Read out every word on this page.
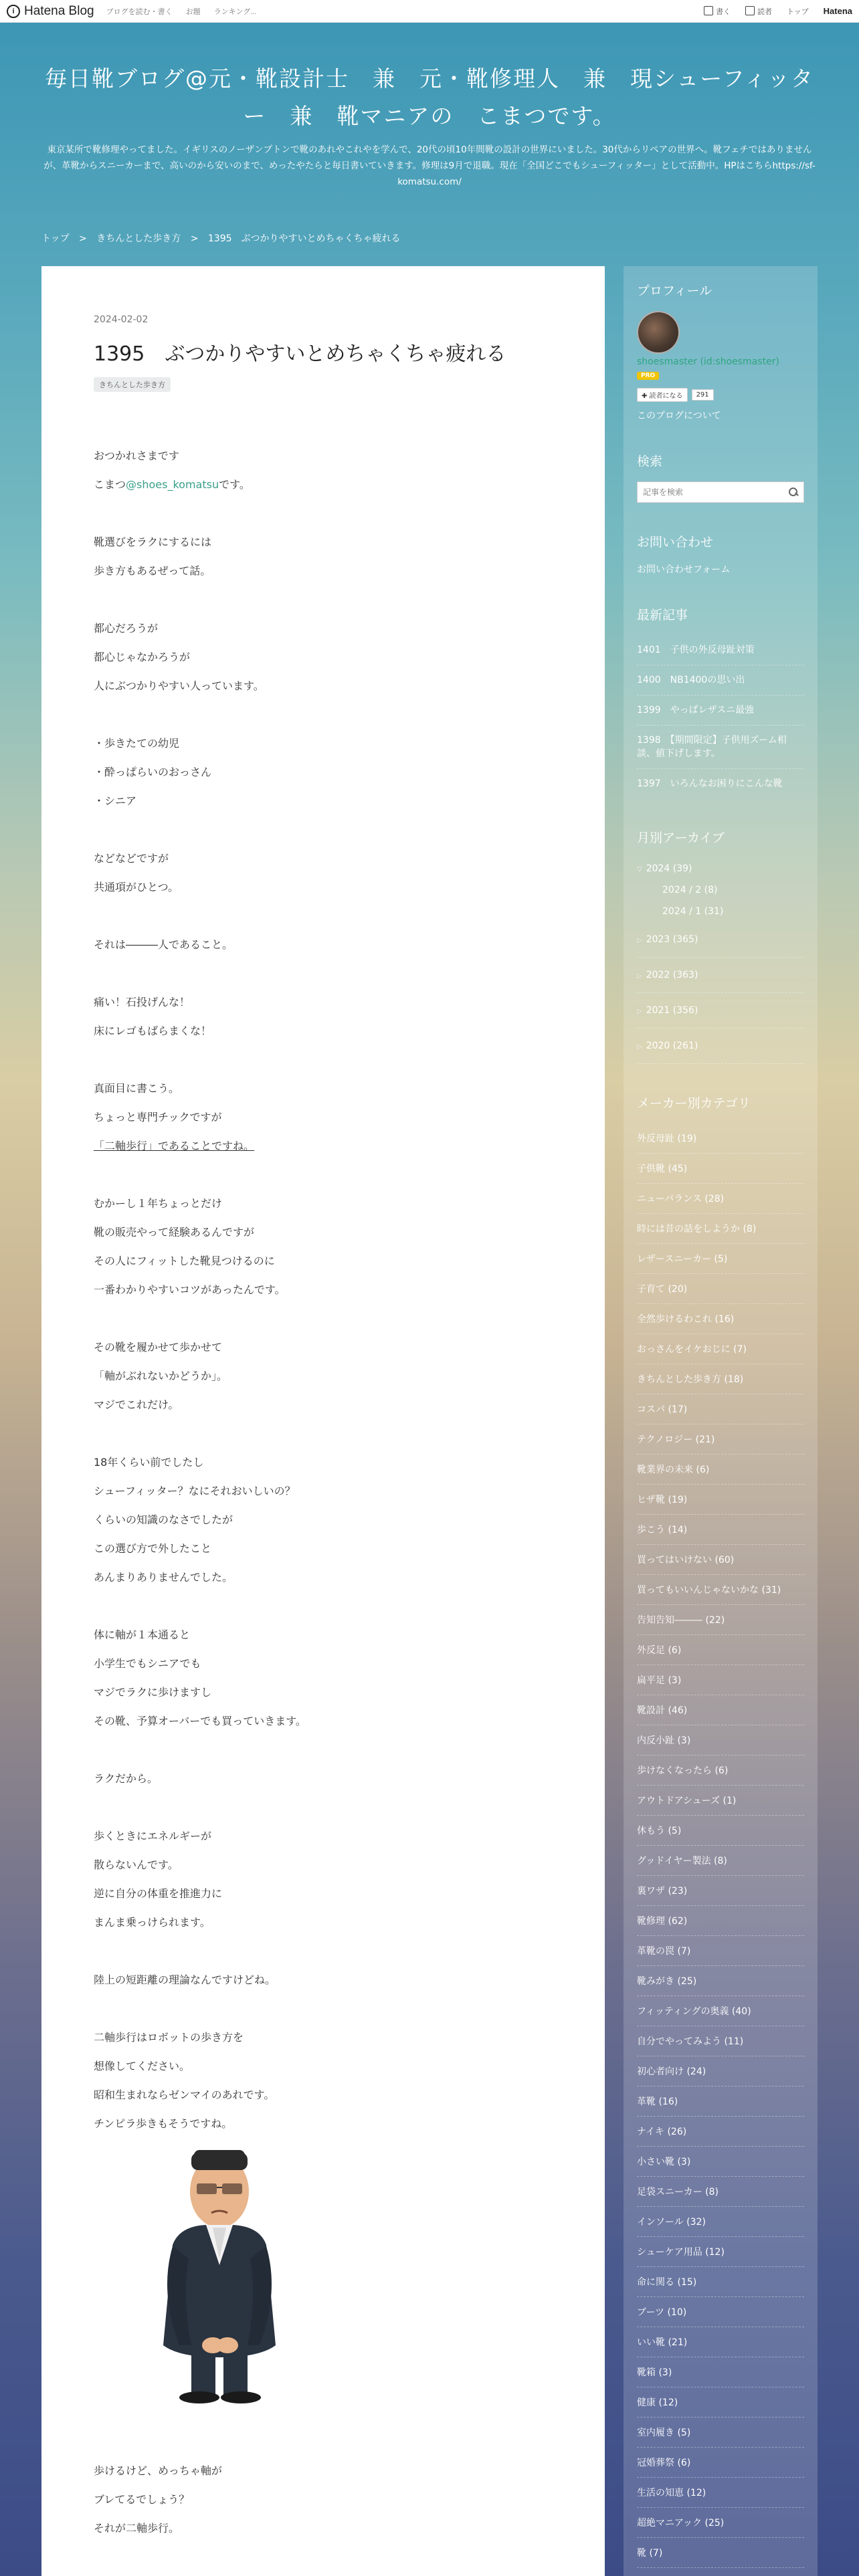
i Hatena Blog ブログを読む・書く お題 ランキング...	書く	読者 トップ Hatena
毎日靴ブログ@元・靴設計士　兼　元・靴修理人　兼　現シューフィッター　兼　靴マニアの　こまつです。
東京某所で靴修理やってました。イギリスのノーザンプトンで靴のあれやこれやを学んで、20代の頃10年間靴の設計の世界にいました。30代からリペアの世界へ。靴フェチではありませんが、革靴からスニーカーまで、高いのから安いのまで、めったやたらと毎日書いていきます。修理は9月で退職。現在「全国どこでもシューフィッター」として活動中。HPはこちらhttps://sf-komatsu.com/
トップ > きちんとした歩き方 > 1395　ぶつかりやすいとめちゃくちゃ疲れる
2024-02-02
1395　ぶつかりやすいとめちゃくちゃ疲れる
きちんとした歩き方

おつかれさまです

こまつ@shoes_komatsuです。

靴選びをラクにするには

歩き方もあるぜって話。

都心だろうが

都心じゃなかろうが

人にぶつかりやすい人っています。

・歩きたての幼児

・酔っぱらいのおっさん

・シニア

などなどですが

共通項がひとつ。

それは―――人であること。

痛い！石投げんな！

床にレゴもばらまくな！

真面目に書こう。

ちょっと専門チックですが

「二軸歩行」であることですね。

むかーし１年ちょっとだけ

靴の販売やって経験あるんですが

その人にフィットした靴見つけるのに

一番わかりやすいコツがあったんです。

その靴を履かせて歩かせて

「軸がぶれないかどうか」。

マジでこれだけ。

18年くらい前でしたし

シューフィッター？なにそれおいしいの？

くらいの知識のなさでしたが

この選び方で外したこと

あんまりありませんでした。

体に軸が１本通ると

小学生でもシニアでも

マジでラクに歩けますし

その靴、予算オーバーでも買っていきます。

ラクだから。

歩くときにエネルギーが

散らないんです。

逆に自分の体重を推進力に

まんま乗っけられます。

陸上の短距離の理論なんですけどね。

二軸歩行はロボットの歩き方を

想像してください。

昭和生まれならゼンマイのあれです。

チンピラ歩きもそうですね。

歩けるけど、めっちゃ軸が

ブレてるでしょう？

それが二軸歩行。

プロフィール
shoesmaster (id:shoesmaster)
PRO
✚ 読者になる	291
このブログについて
検索
記事を検索
お問い合わせ
お問い合わせフォーム
最新記事
1401　子供の外反母趾対策
1400　NB1400の思い出
1399　やっぱレザスニ最強
1398　【期間限定】子供用ズーム相談、値下げします。
1397　いろんなお困りにこんな靴
月別アーカイブ
▽ 2024 (39)
2024 / 2 (8)
2024 / 1 (31)
▷ 2023 (365)
▷ 2022 (363)
▷ 2021 (356)
▷ 2020 (261)
メーカー別カテゴリ
外反母趾 (19)
子供靴 (45)
ニューバランス (28)
時には昔の話をしようか (8)
レザースニーカー (5)
子育て (20)
全然歩けるわこれ (16)
おっさんをイケおじに (7)
きちんとした歩き方 (18)
コスパ (17)
テクノロジー (21)
靴業界の未来 (6)
ヒザ靴 (19)
歩こう (14)
買ってはいけない (60)
買ってもいいんじゃないかな (31)
告知告知――― (22)
外反足 (6)
扁平足 (3)
靴設計 (46)
内反小趾 (3)
歩けなくなったら (6)
アウトドアシューズ (1)
休もう (5)
グッドイヤー製法 (8)
裏ワザ (23)
靴修理 (62)
革靴の罠 (7)
靴みがき (25)
フィッティングの奥義 (40)
自分でやってみよう (11)
初心者向け (24)
革靴 (16)
ナイキ (26)
小さい靴 (3)
足袋スニーカー (8)
インソール (32)
シューケア用品 (12)
命に関る (15)
ブーツ (10)
いい靴 (21)
靴箱 (3)
健康 (12)
室内履き (5)
冠婚葬祭 (6)
生活の知恵 (12)
超絶マニアック (25)
靴 (7)
